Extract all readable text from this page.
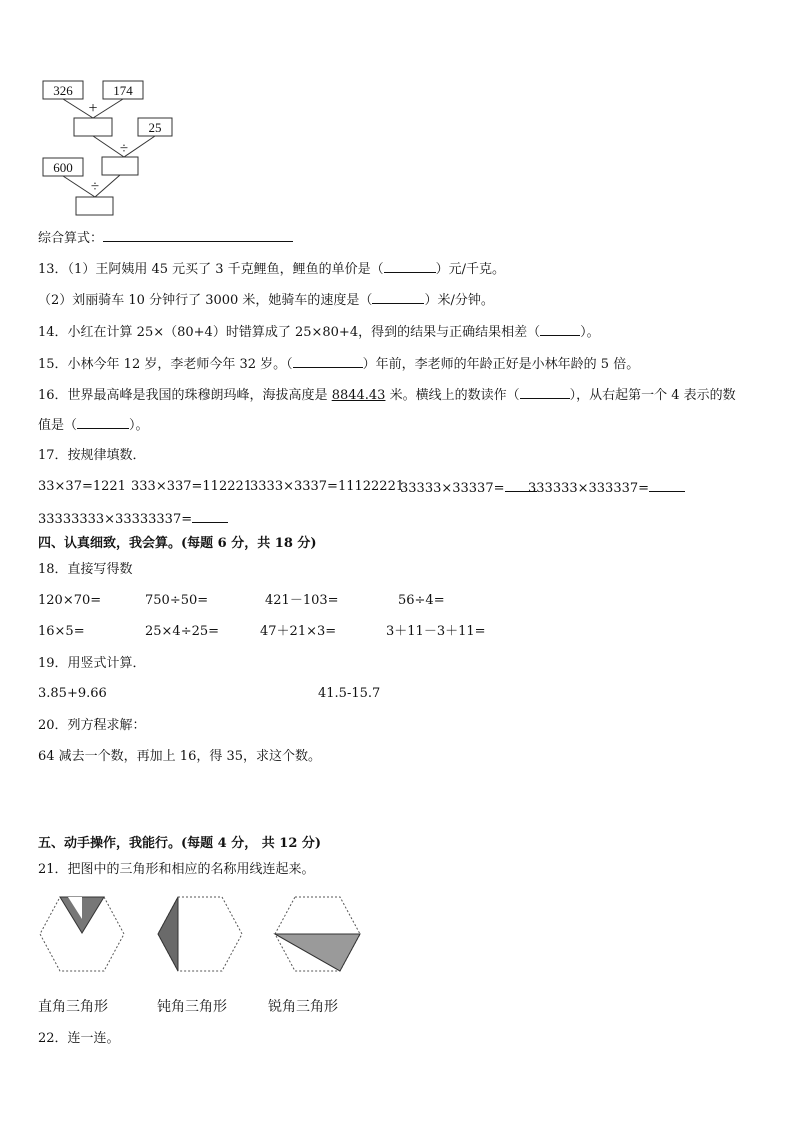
326	174
+
25
÷
600
÷
综合算式：
13．（1）王阿姨用 45 元买了 3 千克鲤鱼，鲤鱼的单价是（	）元/千克。
（2）刘丽骑车 10 分钟行了 3000 米，她骑车的速度是（	）米/分钟。
14．小红在计算 25×（80+4）时错算成了 25×80+4，得到的结果与正确结果相差（	）。
15．小林今年 12 岁，李老师今年 32 岁。（	）年前，李老师的年龄正好是小林年龄的 5 倍。
16．世界最高峰是我国的珠穆朗玛峰，海拔高度是 8844.43 米。横线上的数读作（	），从右起第一个 4 表示的数
值是（	）。
17．按规律填数．
33×37=1221 333×337=112221
3333×3337=11122221
33333×33337=	333333×333337=
33333333×33333337=
四、认真细致，我会算。(每题 6 分，共 18 分)
18．直接写得数
120×70=	750÷50=	421－103=	56÷4=
16×5=	25×4÷25=	47＋21×3=	3＋11－3＋11=
19．用竖式计算．
3.85+9.66	41.5-15.7
20．列方程求解：
64 减去一个数，再加上 16，得 35，求这个数。
五、动手操作，我能行。(每题 4 分， 共 12 分)
21．把图中的三角形和相应的名称用线连起来。
直角三角形	钝角三角形	锐角三角形
22．连一连。
